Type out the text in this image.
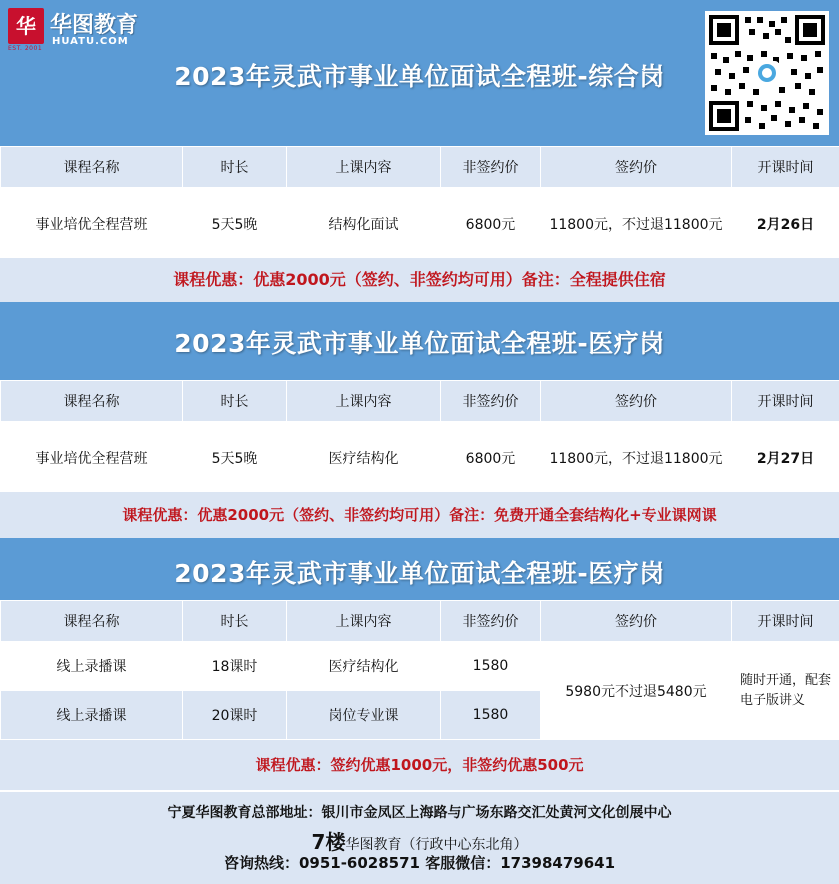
华
EST. 2001
华图教育
HUATU.COM
2023年灵武市事业单位面试全程班-综合岗
课程名称	时长	上课内容	非签约价	签约价	开课时间
事业培优全程营班	5天5晚	结构化面试	6800元	11800元，不过退11800元	2月26日
课程优惠：优惠2000元（签约、非签约均可用）备注：全程提供住宿
2023年灵武市事业单位面试全程班-医疗岗
课程名称	时长	上课内容	非签约价	签约价	开课时间
事业培优全程营班	5天5晚	医疗结构化	6800元	11800元，不过退11800元	2月27日
课程优惠：优惠2000元（签约、非签约均可用）备注：免费开通全套结构化+专业课网课
2023年灵武市事业单位面试全程班-医疗岗
课程名称	时长	上课内容	非签约价	签约价	开课时间
线上录播课	18课时	医疗结构化	1580	5980元不过退5480元	随时开通，配套电子版讲义
线上录播课	20课时	岗位专业课	1580		
课程优惠：签约优惠1000元，非签约优惠500元
宁夏华图教育总部地址：银川市金凤区上海路与广场东路交汇处黄河文化创展中心
7楼华图教育（行政中心东北角）
咨询热线：0951-6028571 客服微信：17398479641
